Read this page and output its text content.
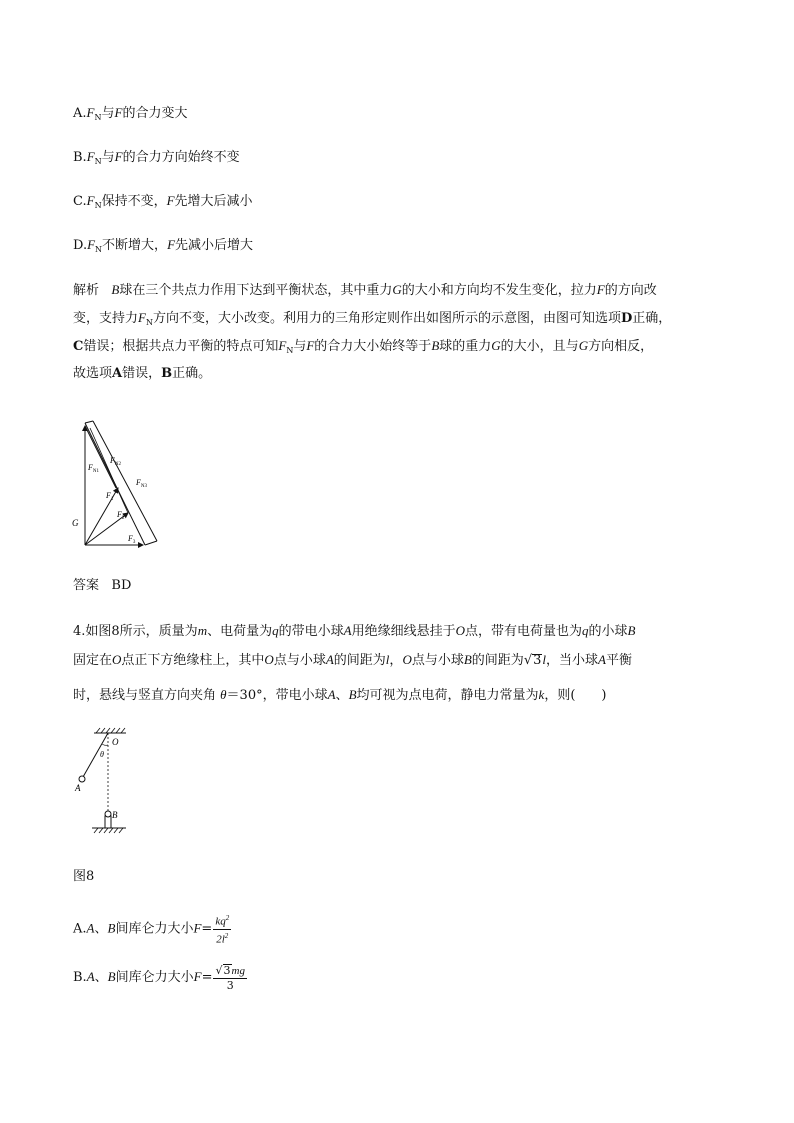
$A.F_N$与F的合力变大
$B.F_N$与F的合力方向始终不变
$C.F_N$保持不变，F先增大后减小
$D.F_N$不断增大，F先减小后增大
解析 B球在三个共点力作用下达到平衡状态，其中重力G的大小和方向均不发生变化，拉力F的方向改
变，支持力$F_N$方向不变，大小改变。利用力的三角形定则作出如图所示的示意图，由图可知选项D正确，
C错误；根据共点力平衡的特点可知$F_N$与F的合力大小始终等于B球的重力G的大小，且与G方向相反，
故选项A错误，B正确。
G
$F_{N1}$
$F_{N2}$
$F_{N3}$
$F_1$
$F_2$
$F_3$
答案 BD
4.如图8所示，质量为m、电荷量为q的带电小球A用绝缘细线悬挂于O点，带有电荷量也为q的小球B
固定在O点正下方绝缘柱上，其中O点与小球A的间距为l，O点与小球B的间距为√3l，当小球A平衡
时，悬线与竖直方向夹角 θ＝30°，带电小球A、B均可视为点电荷，静电力常量为k，则(　　)
O
θ
A
B
图8
A.A、B间库仑力大小$F= \frac{kq^2}{2l^2}$
B.A、B间库仑力大小$F= \frac{√3mg}{3}$
